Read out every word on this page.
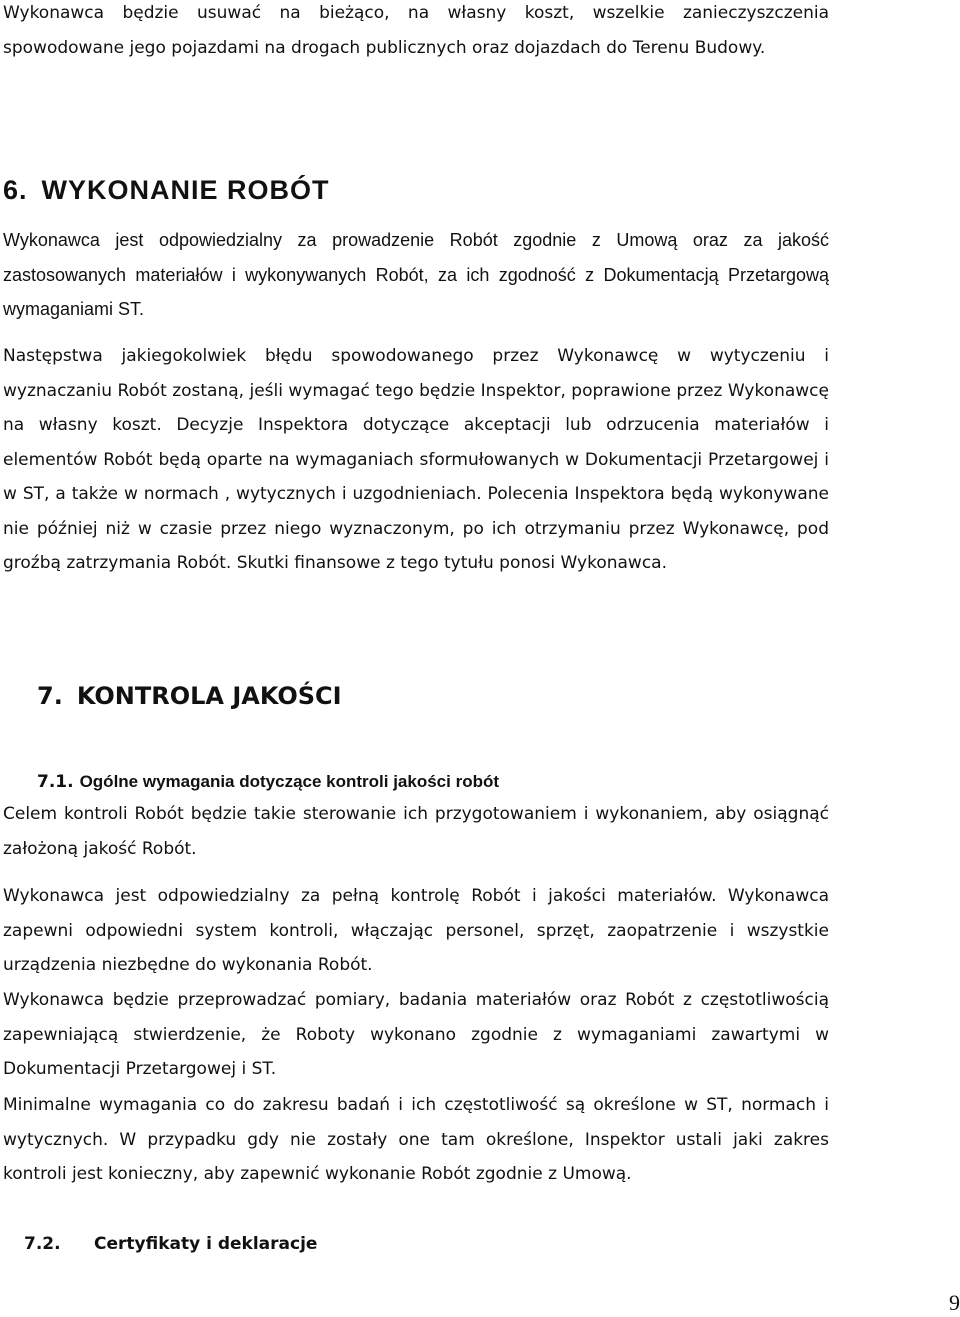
Wykonawca będzie usuwać na bieżąco, na własny koszt, wszelkie zanieczyszczenia spowodowane jego pojazdami na drogach publicznych oraz dojazdach do Terenu Budowy.

6. WYKONANIE ROBÓT

Wykonawca jest odpowiedzialny za prowadzenie Robót zgodnie z Umową oraz za jakość zastosowanych materiałów i wykonywanych Robót, za ich zgodność z Dokumentacją Przetargową wymaganiami ST.

Następstwa jakiegokolwiek błędu spowodowanego przez Wykonawcę w wytyczeniu i wyznaczaniu Robót zostaną, jeśli wymagać tego będzie Inspektor, poprawione przez Wykonawcę na własny koszt. Decyzje Inspektora dotyczące akceptacji lub odrzucenia materiałów i elementów Robót będą oparte na wymaganiach sformułowanych w Dokumentacji Przetargowej i w ST, a także w normach , wytycznych i uzgodnieniach. Polecenia Inspektora będą wykonywane nie później niż w czasie przez niego wyznaczonym, po ich otrzymaniu przez Wykonawcę, pod groźbą zatrzymania Robót. Skutki finansowe z tego tytułu ponosi Wykonawca.

7. KONTROLA JAKOŚCI
7.1. Ogólne wymagania dotyczące kontroli jakości robót

Celem kontroli Robót będzie takie sterowanie ich przygotowaniem i wykonaniem, aby osiągnąć założoną jakość Robót.

Wykonawca jest odpowiedzialny za pełną kontrolę Robót i jakości materiałów. Wykonawca zapewni odpowiedni system kontroli, włączając personel, sprzęt, zaopatrzenie i wszystkie urządzenia niezbędne do wykonania Robót.

Wykonawca będzie przeprowadzać pomiary, badania materiałów oraz Robót z częstotliwością zapewniającą stwierdzenie, że Roboty wykonano zgodnie z wymaganiami zawartymi w Dokumentacji Przetargowej i ST.

Minimalne wymagania co do zakresu badań i ich częstotliwość są określone w ST, normach i wytycznych. W przypadku gdy nie zostały one tam określone, Inspektor ustali jaki zakres kontroli jest konieczny, aby zapewnić wykonanie Robót zgodnie z Umową.

7.2. Certyfikaty i deklaracje
9
